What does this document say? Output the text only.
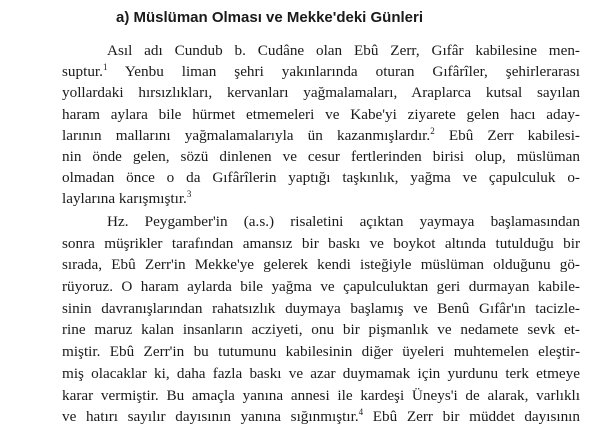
a) Müslüman Olması ve Mekke'deki Günleri
Asıl adı Cundub b. Cudâne olan Ebû Zerr, Gıfâr kabilesine men-
suptur.$^1$ Yenbu liman şehri yakınlarında oturan Gıfârîler, şehirlerarası
yollardaki hırsızlıkları, kervanları yağmalamaları, Araplarca kutsal sayılan
haram aylara bile hürmet etmemeleri ve Kabe'yi ziyarete gelen hacı aday-
larının mallarını yağmalamalarıyla ün kazanmışlardır.$^2$ Ebû Zerr kabilesi-
nin önde gelen, sözü dinlenen ve cesur fertlerinden birisi olup, müslüman
olmadan önce o da Gıfârîlerin yaptığı taşkınlık, yağma ve çapulculuk o-
laylarına karışmıştır.$^3$
Hz. Peygamber'in (a.s.) risaletini açıktan yaymaya başlamasından
sonra müşrikler tarafından amansız bir baskı ve boykot altında tutulduğu bir
sırada, Ebû Zerr'in Mekke'ye gelerek kendi isteğiyle müslüman olduğunu gö-
rüyoruz. O haram aylarda bile yağma ve çapulculuktan geri durmayan kabile-
sinin davranışlarından rahatsızlık duymaya başlamış ve Benû Gıfâr'ın tacizle-
rine maruz kalan insanların acziyeti, onu bir pişmanlık ve nedamete sevk et-
miştir. Ebû Zerr'in bu tutumunu kabilesinin diğer üyeleri muhtemelen eleştir-
miş olacaklar ki, daha fazla baskı ve azar duymamak için yurdunu terk etmeye
karar vermiştir. Bu amaçla yanına annesi ile kardeşi Üneys'i de alarak, varlıklı
ve hatırı sayılır dayısının yanına sığınmıştır.$^4$ Ebû Zerr bir müddet dayısının
